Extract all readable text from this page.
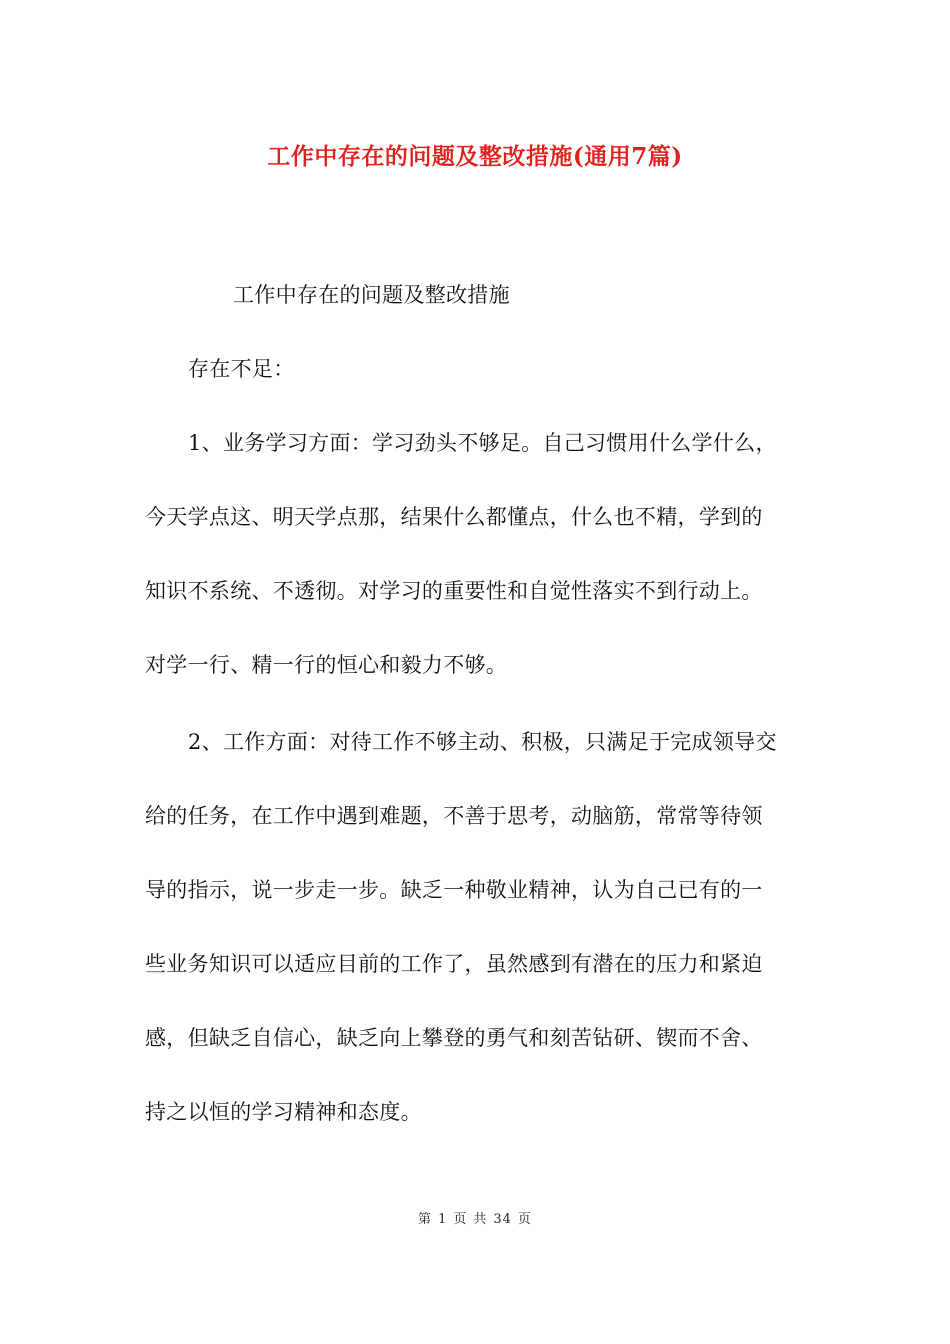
工作中存在的问题及整改措施(通用7篇)
工作中存在的问题及整改措施
存在不足：
1、业务学习方面：学习劲头不够足。自己习惯用什么学什么，
今天学点这、明天学点那，结果什么都懂点，什么也不精，学到的
知识不系统、不透彻。对学习的重要性和自觉性落实不到行动上。
对学一行、精一行的恒心和毅力不够。
2、工作方面：对待工作不够主动、积极，只满足于完成领导交
给的任务，在工作中遇到难题，不善于思考，动脑筋，常常等待领
导的指示，说一步走一步。缺乏一种敬业精神，认为自己已有的一
些业务知识可以适应目前的工作了，虽然感到有潜在的压力和紧迫
感，但缺乏自信心，缺乏向上攀登的勇气和刻苦钻研、锲而不舍、
持之以恒的学习精神和态度。
第 1 页 共 34 页
